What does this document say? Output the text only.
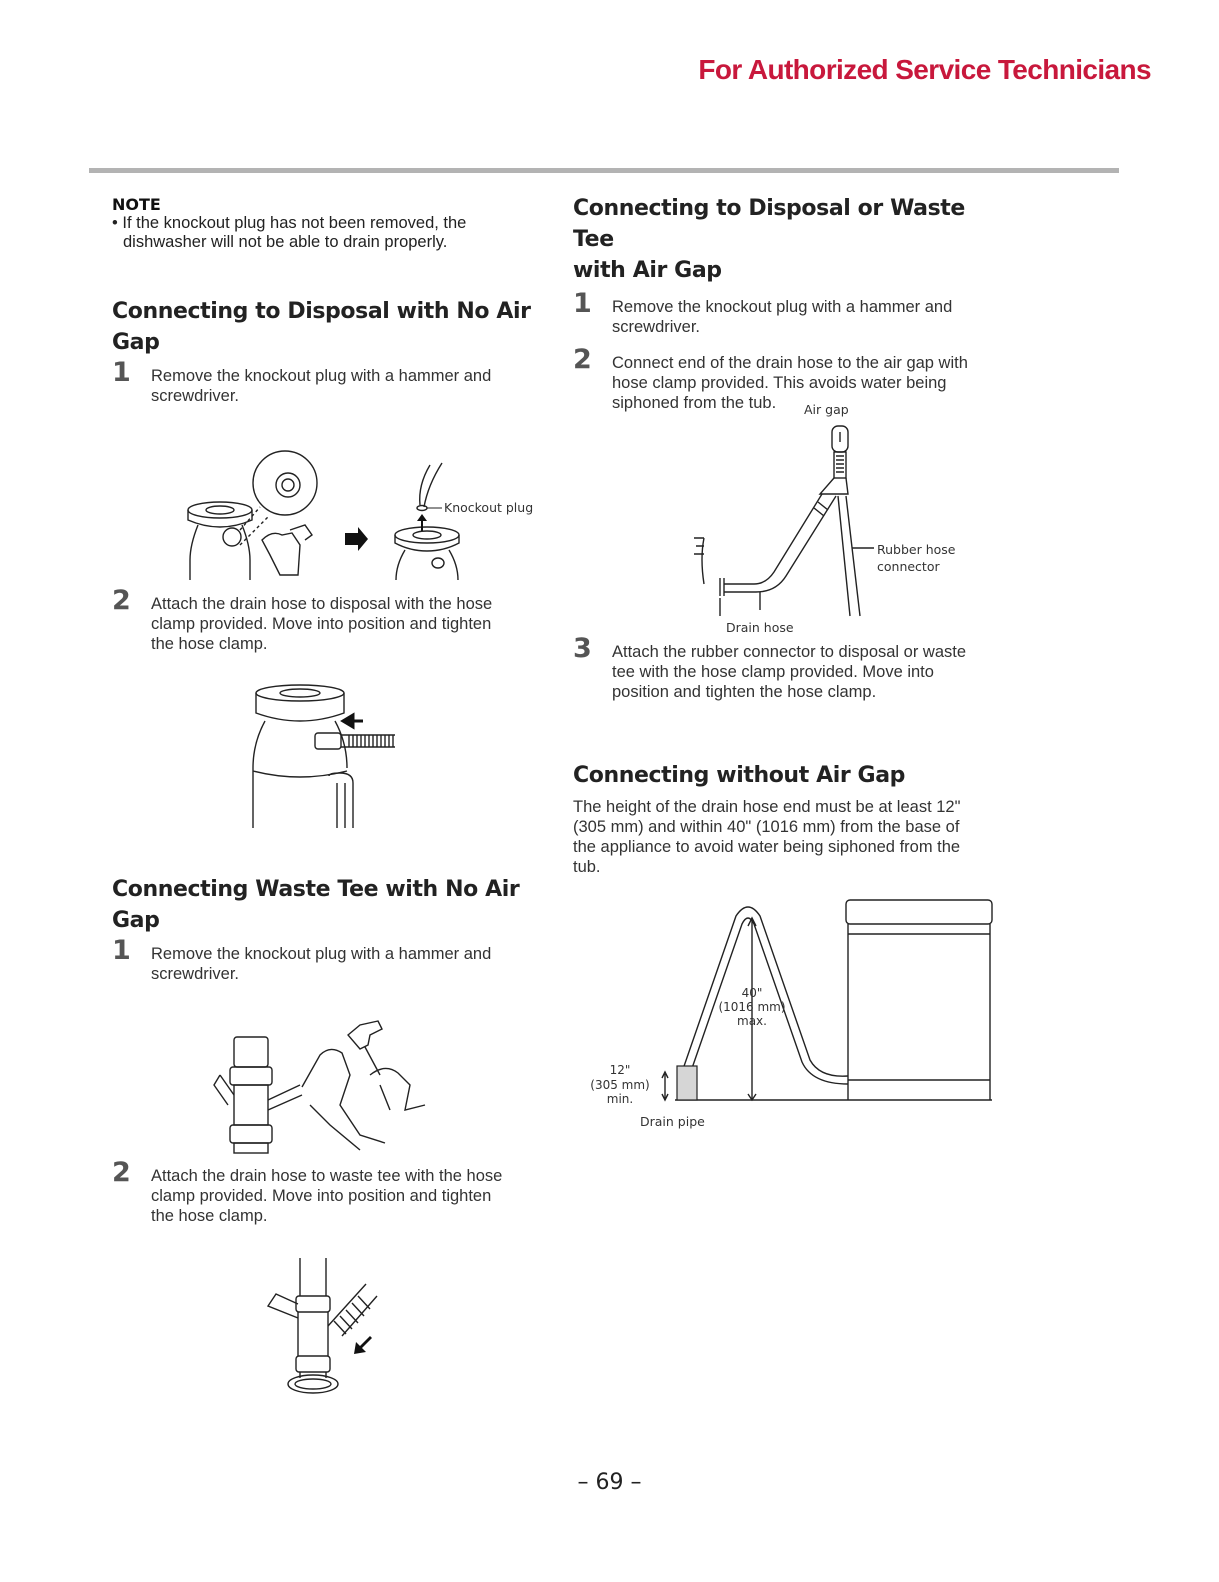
For Authorized Service Technicians
NOTE
• If the knockout plug has not been removed, the
dishwasher will not be able to drain properly.
Connecting to Disposal with No Air
Gap
1 Remove the knockout plug with a hammer and
screwdriver.
Knockout plug
2 Attach the drain hose to disposal with the hose
clamp provided. Move into position and tighten
the hose clamp.
Connecting Waste Tee with No Air
Gap
1 Remove the knockout plug with a hammer and
screwdriver.
2 Attach the drain hose to waste tee with the hose
clamp provided. Move into position and tighten
the hose clamp.
Connecting to Disposal or Waste Tee
with Air Gap
1 Remove the knockout plug with a hammer and
screwdriver.
2 Connect end of the drain hose to the air gap with
hose clamp provided. This avoids water being
siphoned from the tub.	Air gap
Rubber hose
connector
Drain hose
3 Attach the rubber connector to disposal or waste
tee with the hose clamp provided. Move into
position and tighten the hose clamp.
Connecting without Air Gap
The height of the drain hose end must be at least 12"
(305 mm) and within 40" (1016 mm) from the base of
the appliance to avoid water being siphoned from the
tub.
40"
(1016 mm)
max.
12"
(305 mm)
min.
Drain pipe
– 69 –
